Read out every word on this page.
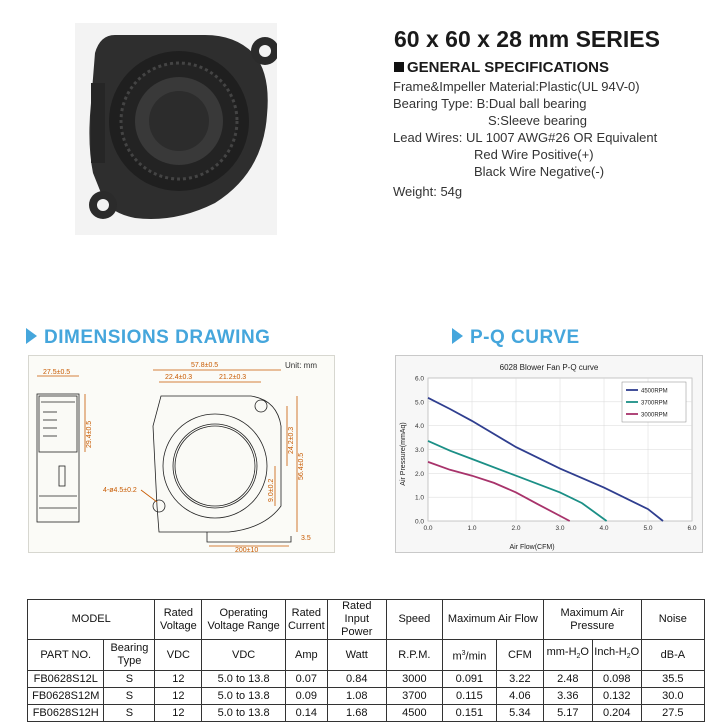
60 x 60 x 28 mm SERIES
GENERAL SPECIFICATIONS
Frame&Impeller Material:Plastic(UL 94V-0)
Bearing Type: B:Dual ball bearing
S:Sleeve bearing
Lead Wires: UL 1007 AWG#26 OR Equivalent
Red Wire Positive(+)
Black Wire Negative(-)
Weight: 54g
DIMENSIONS DRAWING	P-Q CURVE
Unit: mm
27.5±0.5
29.4±0.5
57.8±0.5
22.4±0.3	21.2±0.3
24.2±0.3
56.4±0.5
9.0±0.2
4-ø4.5±0.2
200±10
3.5
6028 Blower Fan P-Q curve
0.0	1.0	2.0	3.0	4.0	5.0	6.0
0.0
1.0
2.0
3.0
4.0
5.0
6.0
4500RPM
3700RPM
3000RPM
Air Flow(CFM)
Air Pressure(mmAq)
MODEL		Rated Voltage	Operating Voltage Range	Rated Current	Rated Input Power	Speed	Maximum Air Flow		Maximum Air Pressure		Noise
PART NO.	Bearing Type	VDC	VDC	Amp	Watt	R.P.M.	$m^3/\min$	CFM	$mm-H_2O$	Inch-$H_2O$	dB-A
FB0628S12L	S	12	5.0 to 13.8	0.07	0.84	3000	0.091	3.22	2.48	0.098	35.5
FB0628S12M	S	12	5.0 to 13.8	0.09	1.08	3700	0.115	4.06	3.36	0.132	30.0
FB0628S12H	S	12	5.0 to 13.8	0.14	1.68	4500	0.151	5.34	5.17	0.204	27.5
